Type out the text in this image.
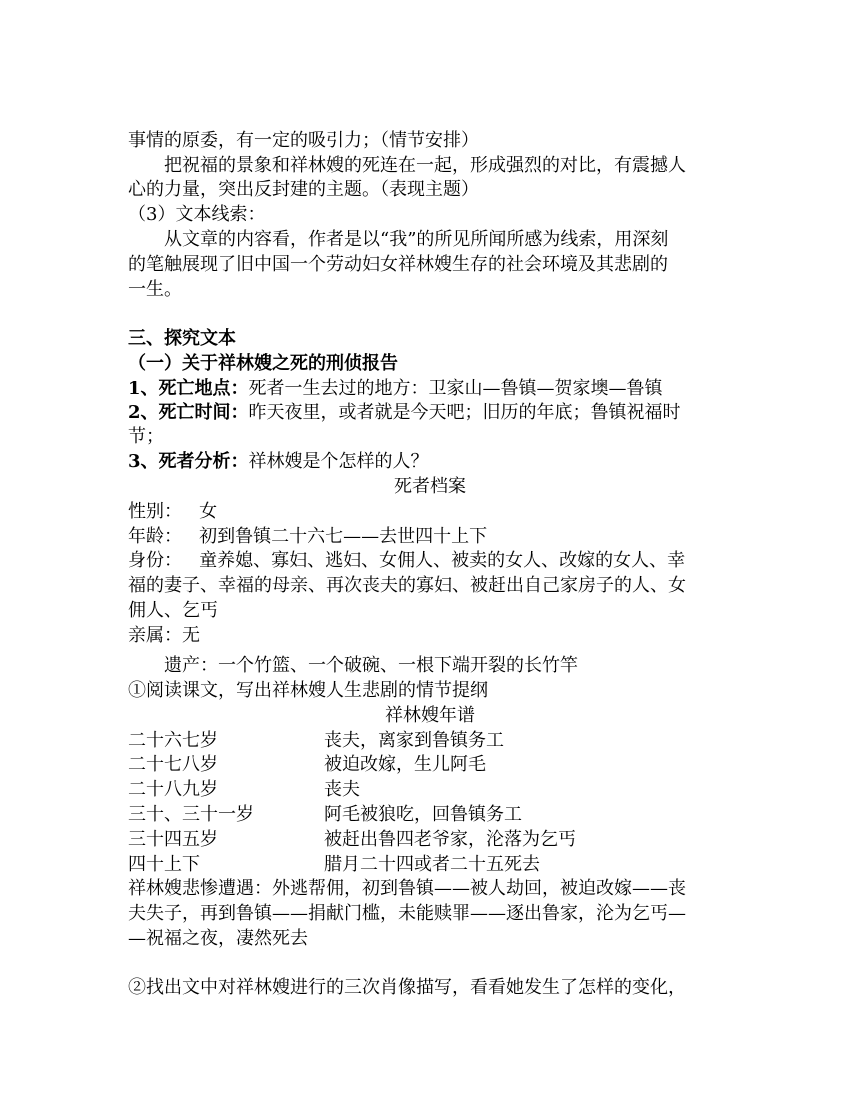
事情的原委，有一定的吸引力；（情节安排）
把祝福的景象和祥林嫂的死连在一起，形成强烈的对比，有震撼人
心的力量，突出反封建的主题。（表现主题）
（3）文本线索：
从文章的内容看，作者是以“我”的所见所闻所感为线索，用深刻
的笔触展现了旧中国一个劳动妇女祥林嫂生存的社会环境及其悲剧的
一生。
三、探究文本
（一）关于祥林嫂之死的刑侦报告
1、死亡地点：死者一生去过的地方：卫家山—鲁镇—贺家墺—鲁镇
2、死亡时间：昨天夜里，或者就是今天吧；旧历的年底；鲁镇祝福时
节；
3、死者分析：祥林嫂是个怎样的人？
死者档案
性别：   女
年龄：   初到鲁镇二十六七——去世四十上下
身份：   童养媳、寡妇、逃妇、女佣人、被卖的女人、改嫁的女人、幸
福的妻子、幸福的母亲、再次丧夫的寡妇、被赶出自己家房子的人、女
佣人、乞丐
亲属：无
遗产：一个竹篮、一个破碗、一根下端开裂的长竹竿
①阅读课文，写出祥林嫂人生悲剧的情节提纲
祥林嫂年谱
二十六七岁	丧夫，离家到鲁镇务工
二十七八岁	被迫改嫁，生儿阿毛
二十八九岁	丧夫
三十、三十一岁	阿毛被狼吃，回鲁镇务工
三十四五岁	被赶出鲁四老爷家，沦落为乞丐
四十上下	腊月二十四或者二十五死去
祥林嫂悲惨遭遇：外逃帮佣，初到鲁镇——被人劫回，被迫改嫁——丧
夫失子，再到鲁镇——捐献门槛，未能赎罪——逐出鲁家，沦为乞丐—
—祝福之夜，凄然死去
②找出文中对祥林嫂进行的三次肖像描写，看看她发生了怎样的变化，
